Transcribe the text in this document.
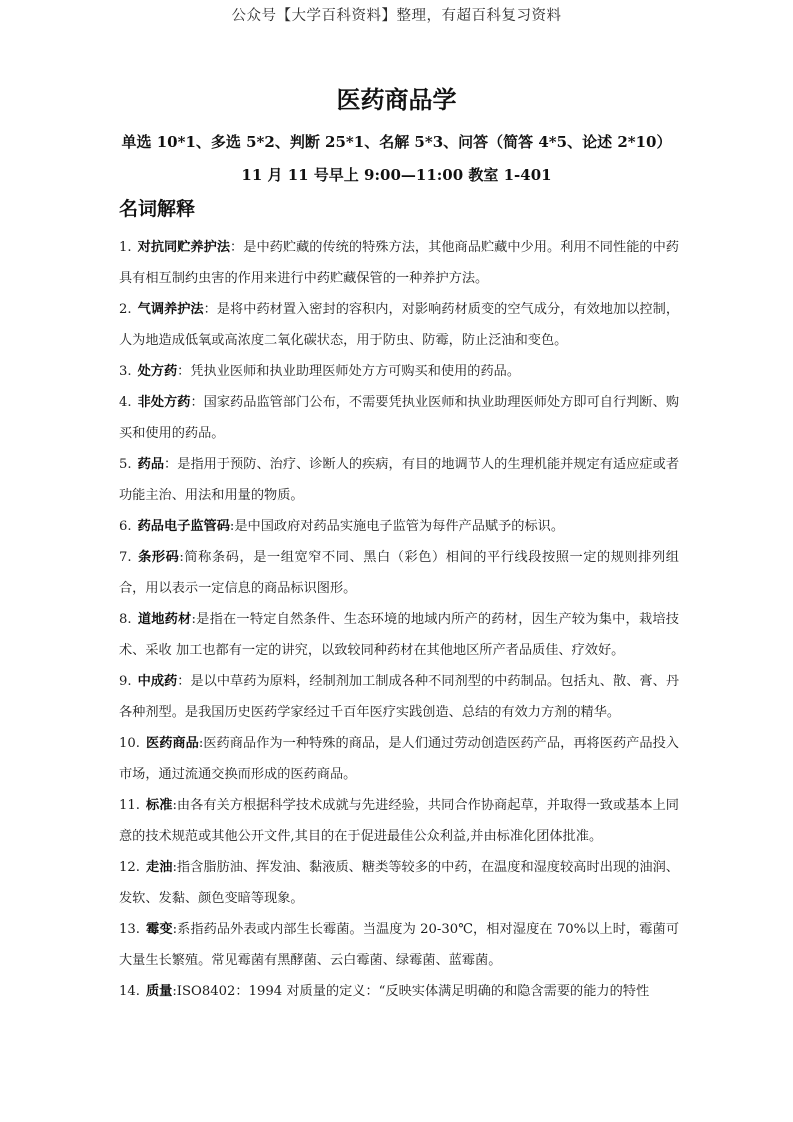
公众号【大学百科资料】整理，有超百科复习资料
医药商品学
单选 10*1、多选 5*2、判断 25*1、名解 5*3、问答（简答 4*5、论述 2*10）
11 月 11 号早上 9:00—11:00 教室 1-401
名词解释
1. 对抗同贮养护法：是中药贮藏的传统的特殊方法，其他商品贮藏中少用。利用不同性能的中药具有相互制约虫害的作用来进行中药贮藏保管的一种养护方法。
2. 气调养护法：是将中药材置入密封的容积内，对影响药材质变的空气成分，有效地加以控制，人为地造成低氧或高浓度二氧化碳状态，用于防虫、防霉，防止泛油和变色。
3. 处方药：凭执业医师和执业助理医师处方方可购买和使用的药品。
4. 非处方药：国家药品监管部门公布，不需要凭执业医师和执业助理医师处方即可自行判断、购买和使用的药品。
5. 药品：是指用于预防、治疗、诊断人的疾病，有目的地调节人的生理机能并规定有适应症或者功能主治、用法和用量的物质。
6. 药品电子监管码:是中国政府对药品实施电子监管为每件产品赋予的标识。
7. 条形码:简称条码，是一组宽窄不同、黑白（彩色）相间的平行线段按照一定的规则排列组合，用以表示一定信息的商品标识图形。
8. 道地药材:是指在一特定自然条件、生态环境的地域内所产的药材，因生产较为集中，栽培技术、采收 加工也都有一定的讲究，以致较同种药材在其他地区所产者品质佳、疗效好。
9. 中成药：是以中草药为原料，经制剂加工制成各种不同剂型的中药制品。包括丸、散、膏、丹各种剂型。是我国历史医药学家经过千百年医疗实践创造、总结的有效力方剂的精华。
10. 医药商品:医药商品作为一种特殊的商品，是人们通过劳动创造医药产品，再将医药产品投入市场，通过流通交换而形成的医药商品。
11. 标准:由各有关方根据科学技术成就与先进经验，共同合作协商起草，并取得一致或基本上同意的技术规范或其他公开文件,其目的在于促进最佳公众利益,并由标准化团体批准。
12. 走油:指含脂肪油、挥发油、黏液质、糖类等较多的中药，在温度和湿度较高时出现的油润、发软、发黏、颜色变暗等现象。
13. 霉变:系指药品外表或内部生长霉菌。当温度为 20-30℃，相对湿度在 70%以上时，霉菌可大量生长繁殖。常见霉菌有黑酵菌、云白霉菌、绿霉菌、蓝霉菌。
14. 质量:ISO8402：1994 对质量的定义：“反映实体满足明确的和隐含需要的能力的特性
